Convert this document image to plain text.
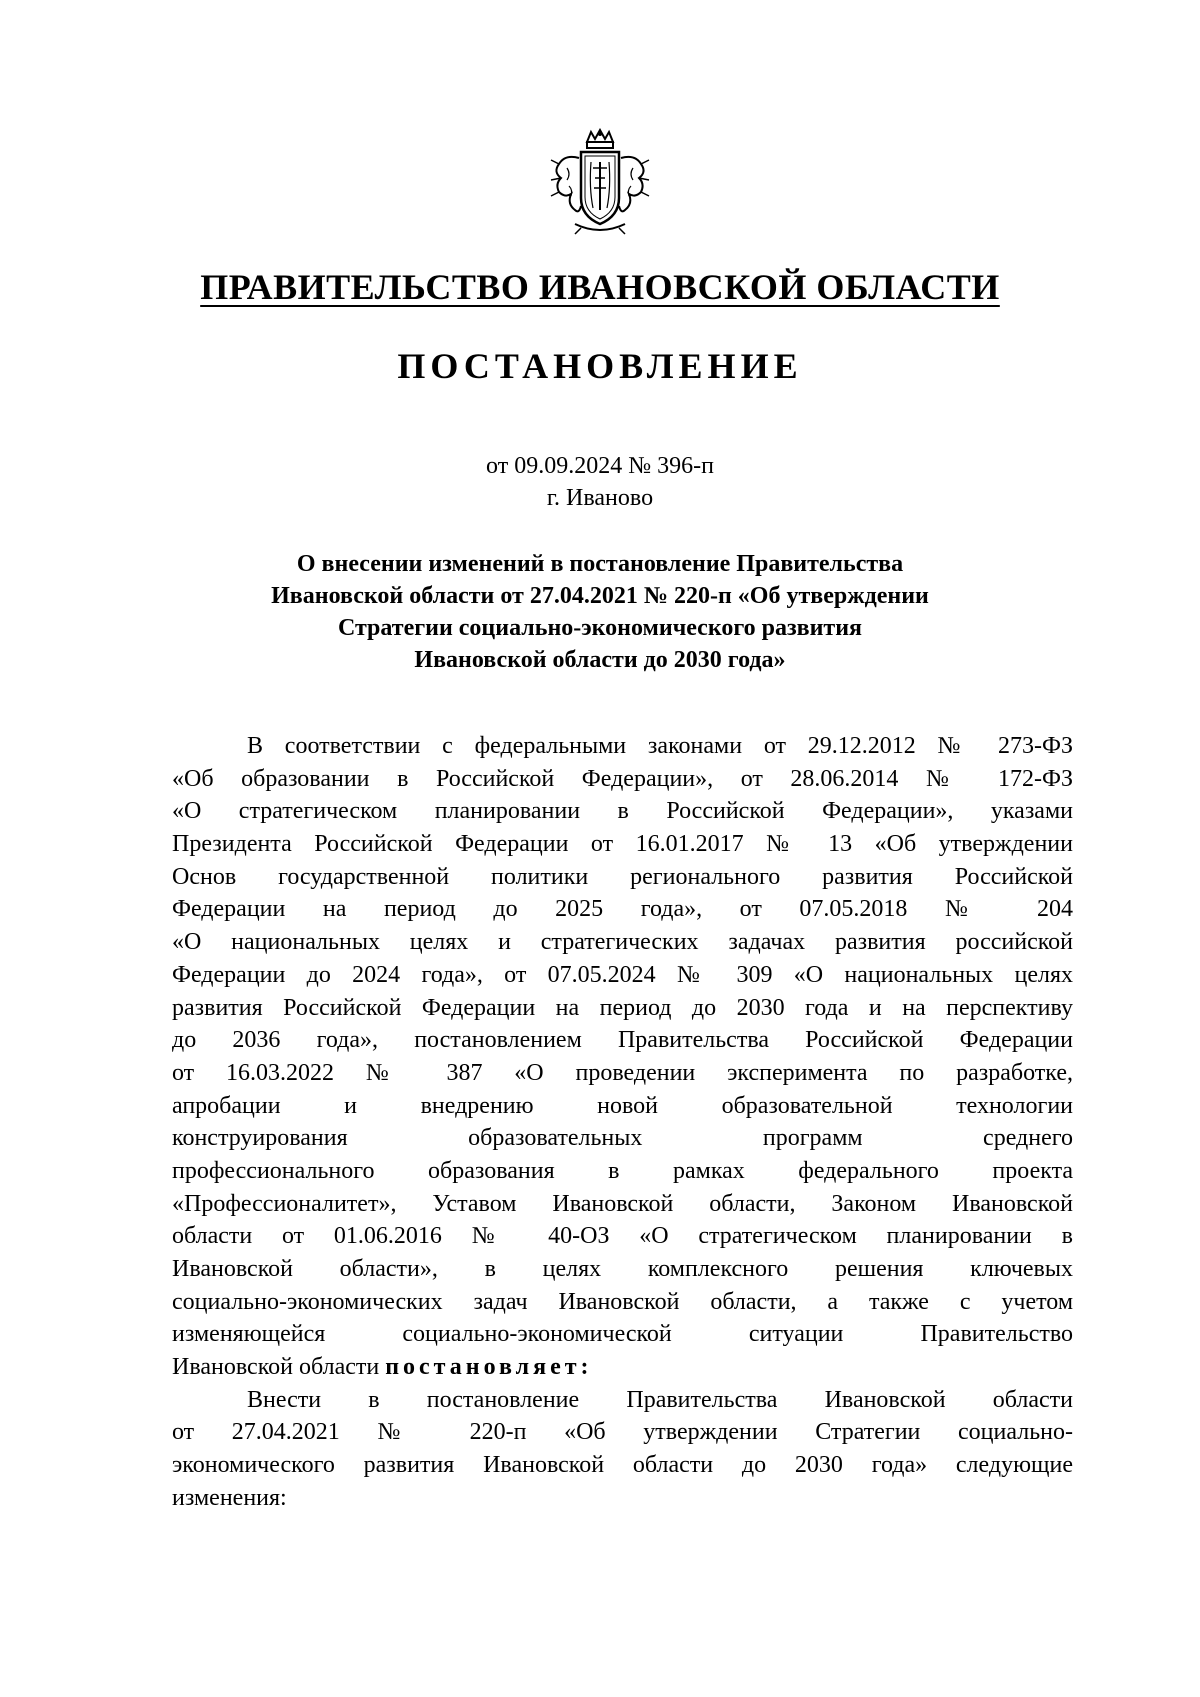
ПРАВИТЕЛЬСТВО ИВАНОВСКОЙ ОБЛАСТИ
ПОСТАНОВЛЕНИЕ
от 09.09.2024 № 396-п
г. Иваново
О внесении изменений в постановление Правительства
Ивановской области от 27.04.2021 № 220-п «Об утверждении
Стратегии социально-экономического развития
Ивановской области до 2030 года»
В соответствии с федеральными законами от 29.12.2012 № 273-ФЗ
«Об образовании в Российской Федерации», от 28.06.2014 № 172-ФЗ
«О стратегическом планировании в Российской Федерации», указами
Президента Российской Федерации от 16.01.2017 № 13 «Об утверждении
Основ государственной политики регионального развития Российской
Федерации на период до 2025 года», от 07.05.2018 № 204
«О национальных целях и стратегических задачах развития российской
Федерации до 2024 года», от 07.05.2024 № 309 «О национальных целях
развития Российской Федерации на период до 2030 года и на перспективу
до 2036 года», постановлением Правительства Российской Федерации
от 16.03.2022 № 387 «О проведении эксперимента по разработке,
апробации и внедрению новой образовательной технологии
конструирования образовательных программ среднего
профессионального образования в рамках федерального проекта
«Профессионалитет», Уставом Ивановской области, Законом Ивановской
области от 01.06.2016 № 40-ОЗ «О стратегическом планировании в
Ивановской области», в целях комплексного решения ключевых
социально-экономических задач Ивановской области, а также с учетом
изменяющейся социально-экономической ситуации Правительство
Ивановской области постановляет:
Внести в постановление Правительства Ивановской области
от 27.04.2021 № 220-п «Об утверждении Стратегии социально-
экономического развития Ивановской области до 2030 года» следующие
изменения:
